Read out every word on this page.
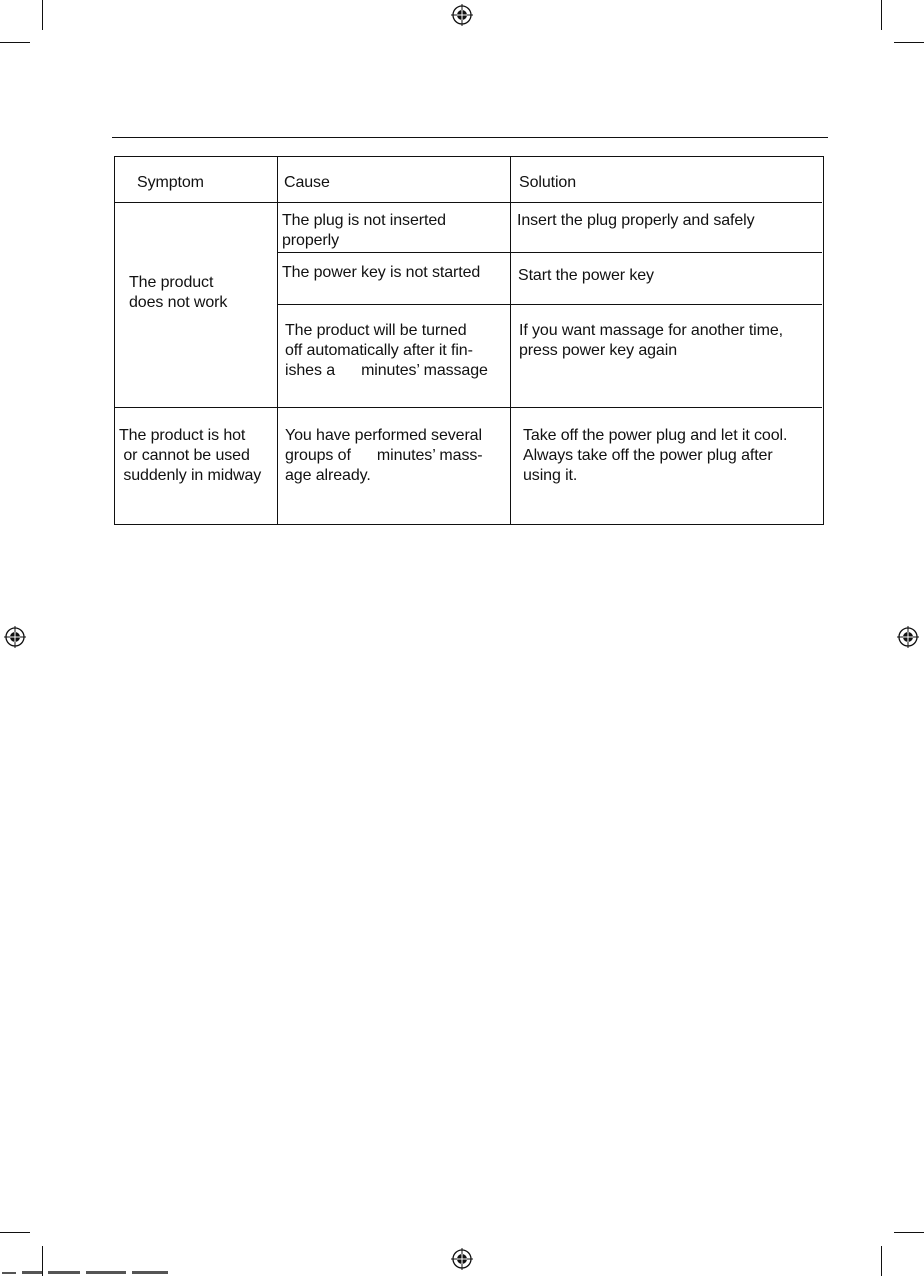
Symptom	Cause	Solution
The product
does not work
The plug is not inserted
properly
Insert the plug properly and safely
The power key is not started Start the power key
The product will be turned
off automatically after it fin-
ishes a      minutes’ massage
If you want massage for another time,
press power key again
The product is hot
or cannot be used
suddenly in midway
You have performed several
groups of      minutes’ mass-
age already.
Take off the power plug and let it cool.
Always take off the power plug after
using it.
